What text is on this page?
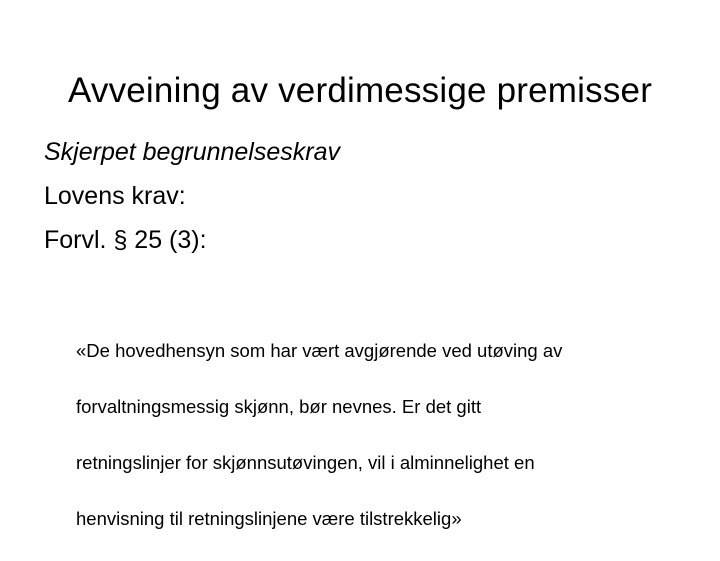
Avveining av verdimessige premisser
Skjerpet begrunnelseskrav
Lovens krav:
Forvl. § 25 (3):

«De hovedhensyn som har vært avgjørende ved utøving av

forvaltningsmessig skjønn, bør nevnes. Er det gitt

retningslinjer for skjønnsutøvingen, vil i alminnelighet en

henvisning til retningslinjene være tilstrekkelig»
